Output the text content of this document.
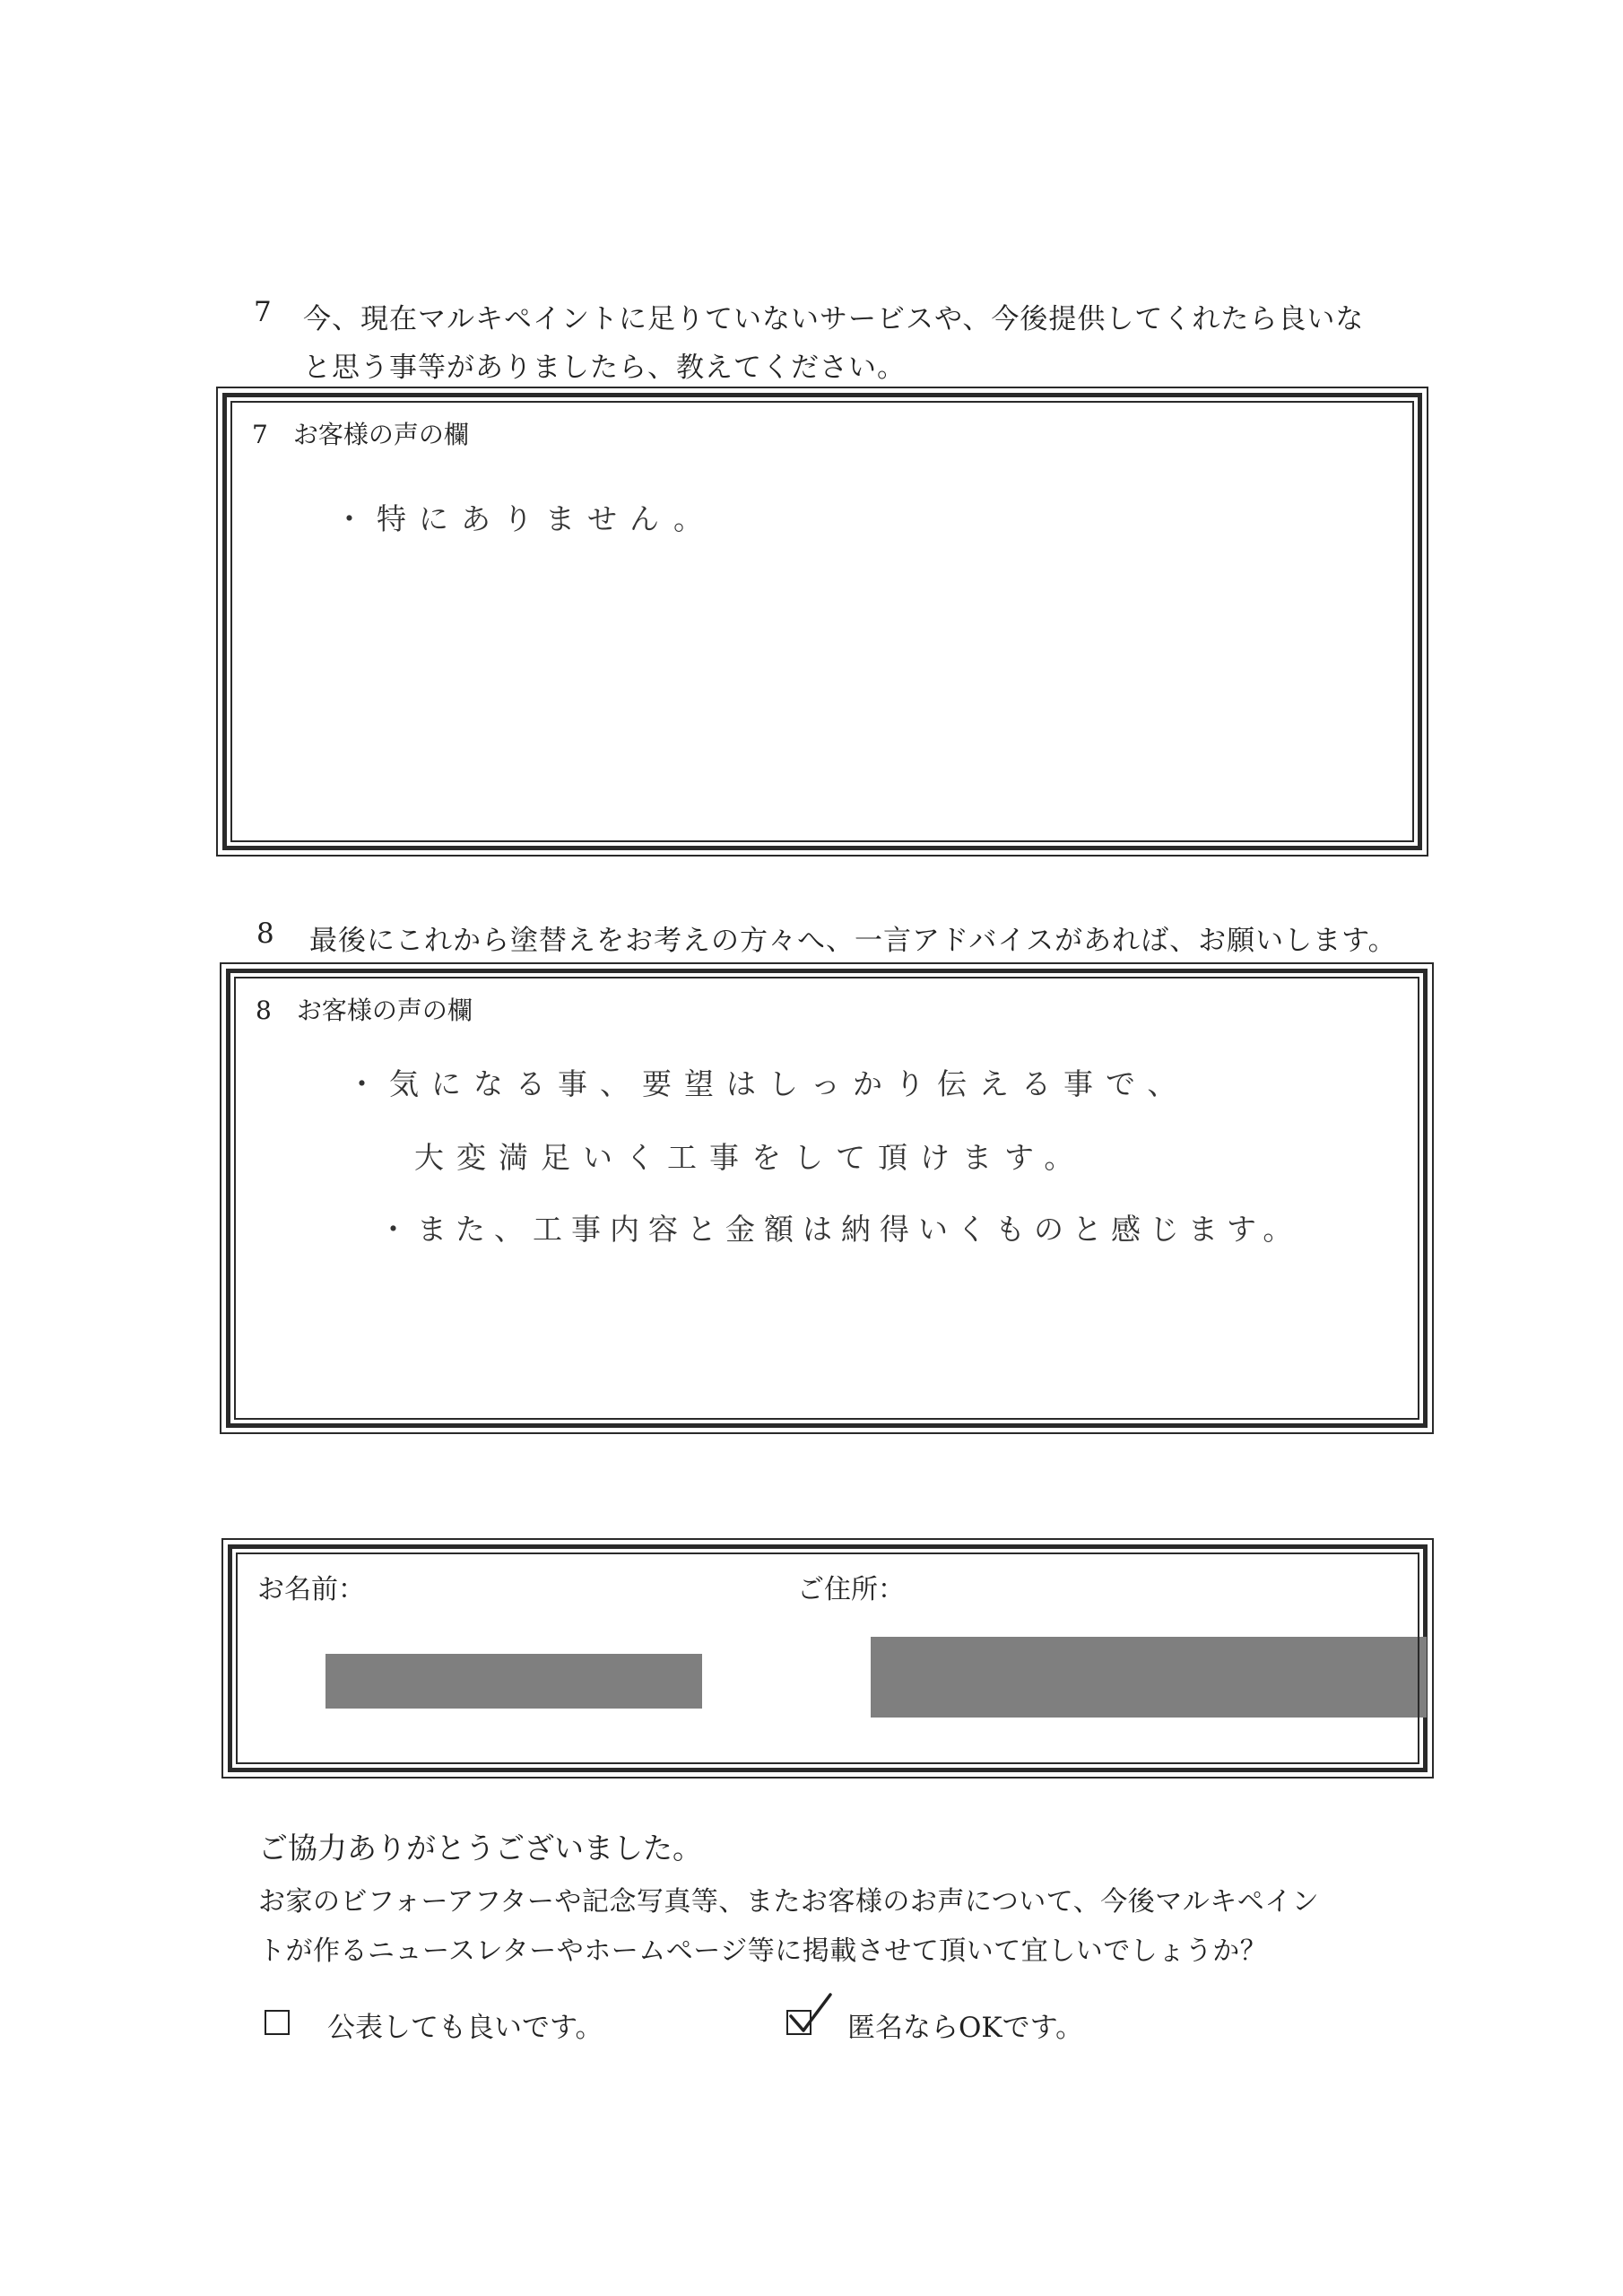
7 今、現在マルキペイントに足りていないサービスや、今後提供してくれたら良いな
と思う事等がありましたら、教えてください。
7　お客様の声の欄
・特にありません。
8 最後にこれから塗替えをお考えの方々へ、一言アドバイスがあれば、お願いします。
8　お客様の声の欄
・気になる事、要望はしっかり伝える事で、
大変満足いく工事をして頂けます。
・また、工事内容と金額は納得いくものと感じます。
お名前：	ご住所：
ご協力ありがとうございました。
お家のビフォーアフターや記念写真等、またお客様のお声について、今後マルキペイン
トが作るニュースレターやホームページ等に掲載させて頂いて宜しいでしょうか？
公表しても良いです。	匿名ならOKです。
